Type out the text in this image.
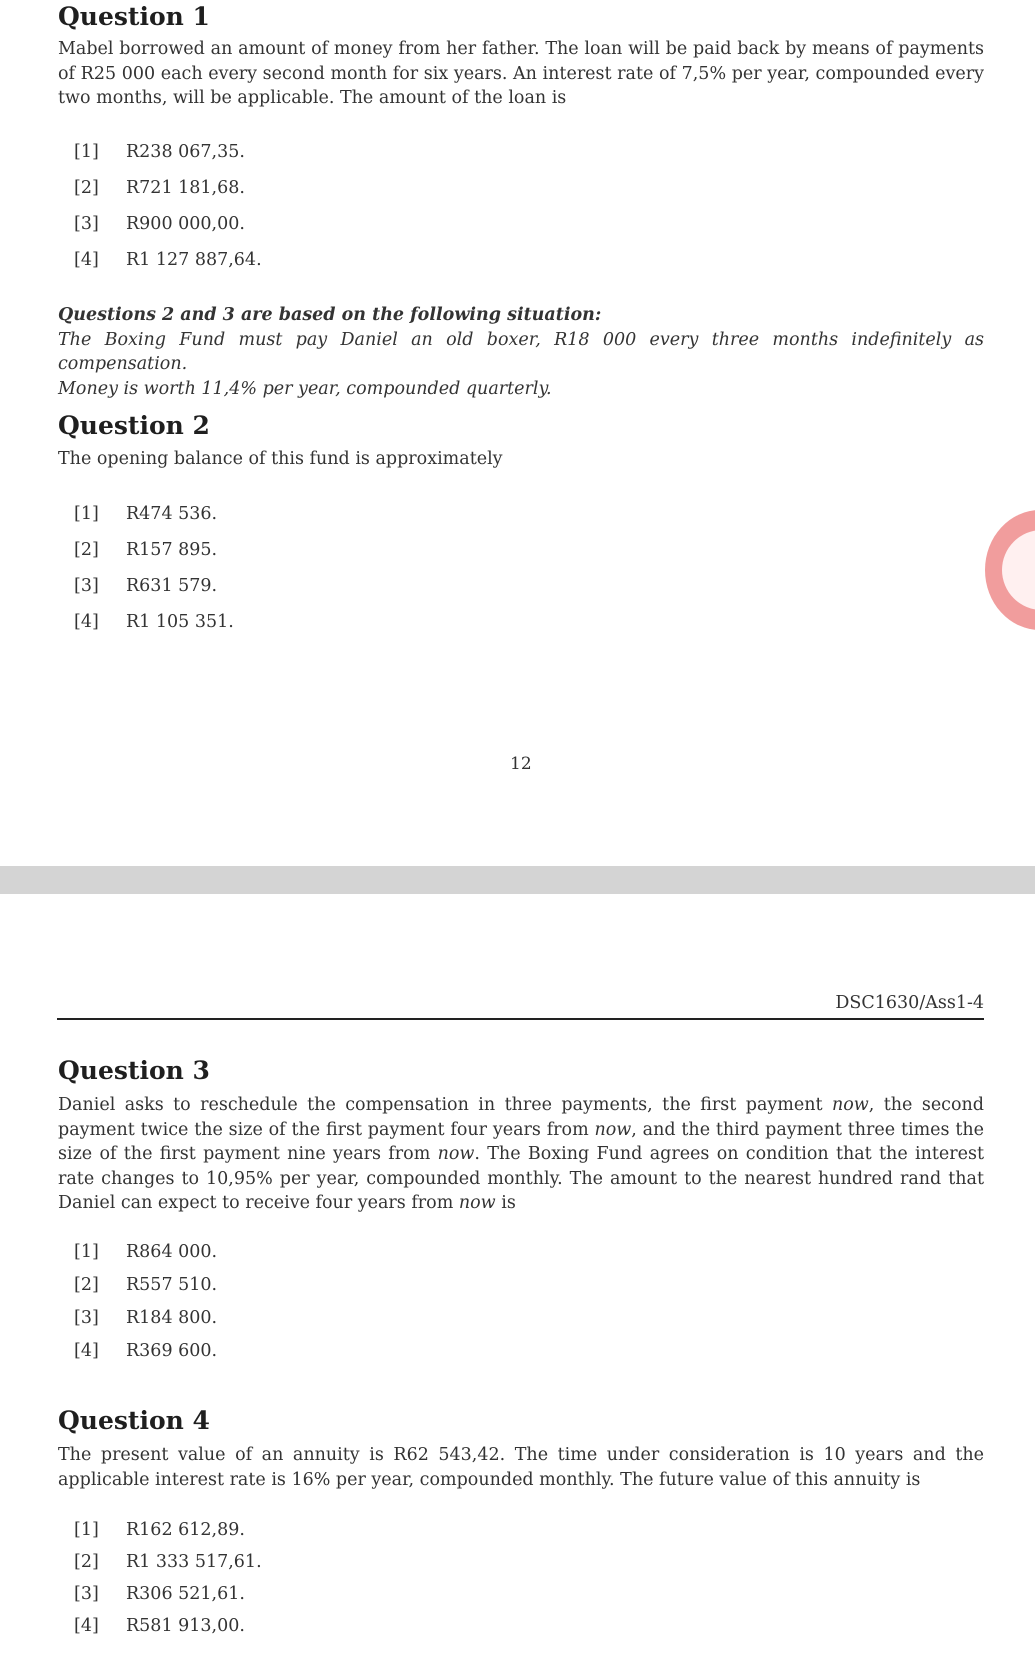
Question 1

Mabel borrowed an amount of money from her father. The loan will be paid back by means of payments of R25 000 each every second month for six years. An interest rate of 7,5% per year, compounded every two months, will be applicable. The amount of the loan is

[1] R238 067,35.
[2] R721 181,68.
[3] R900 000,00.
[4] R1 127 887,64.

Questions 2 and 3 are based on the following situation:
The Boxing Fund must pay Daniel an old boxer, R18 000 every three months indefinitely as compensation.
Money is worth 11,4% per year, compounded quarterly.

Question 2

The opening balance of this fund is approximately

[1] R474 536.
[2] R157 895.
[3] R631 579.
[4] R1 105 351.
12
DSC1630/Ass1-4
Question 3

Daniel asks to reschedule the compensation in three payments, the first payment now, the second payment twice the size of the first payment four years from now, and the third payment three times the size of the first payment nine years from now. The Boxing Fund agrees on condition that the interest rate changes to 10,95% per year, compounded monthly. The amount to the nearest hundred rand that Daniel can expect to receive four years from now is

[1] R864 000.
[2] R557 510.
[3] R184 800.
[4] R369 600.
Question 4

The present value of an annuity is R62 543,42. The time under consideration is 10 years and the applicable interest rate is 16% per year, compounded monthly. The future value of this annuity is

[1] R162 612,89.
[2] R1 333 517,61.
[3] R306 521,61.
[4] R581 913,00.
